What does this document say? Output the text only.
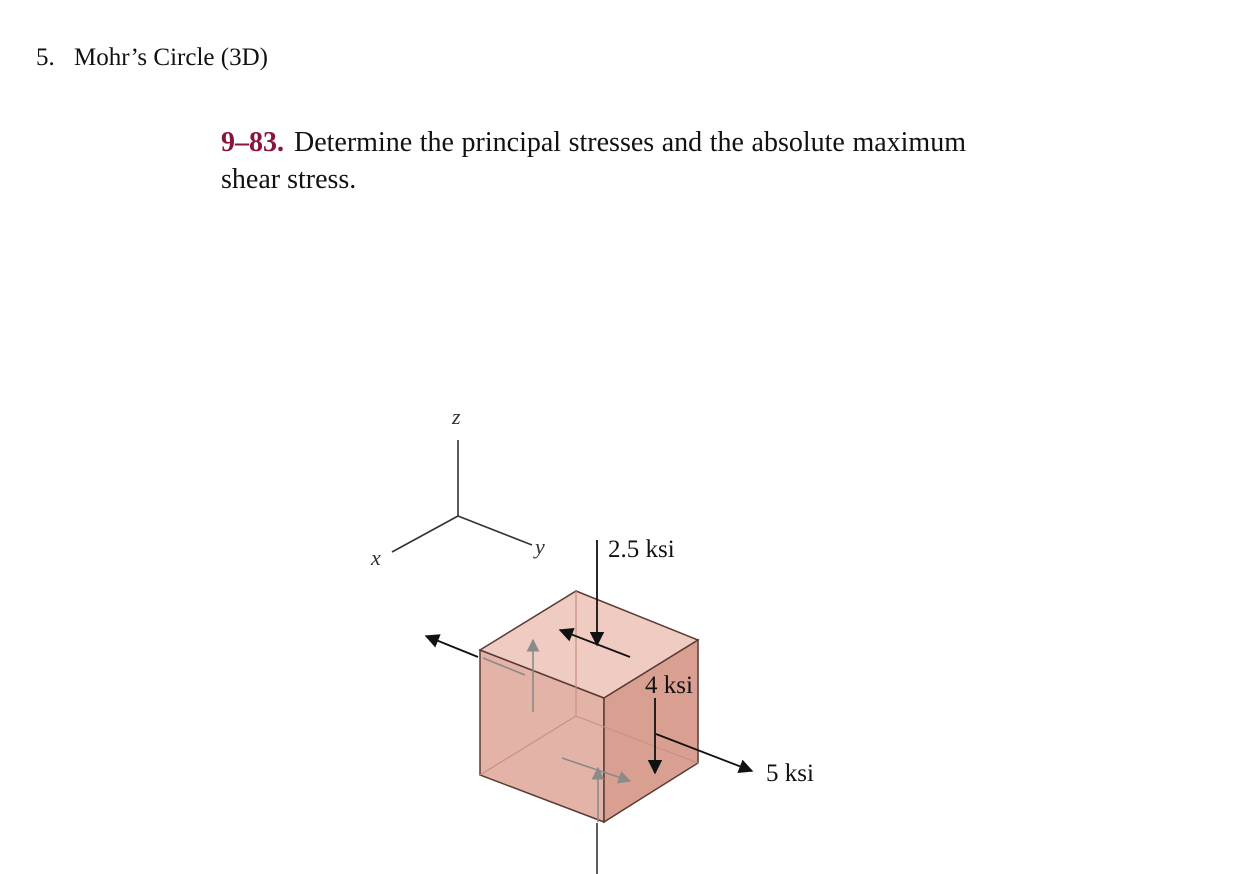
5. Mohr’s Circle (3D)
9–83. Determine the principal stresses and the absolute maximum shear stress.
z
x	y	2.5 ksi
4 ksi
5 ksi
